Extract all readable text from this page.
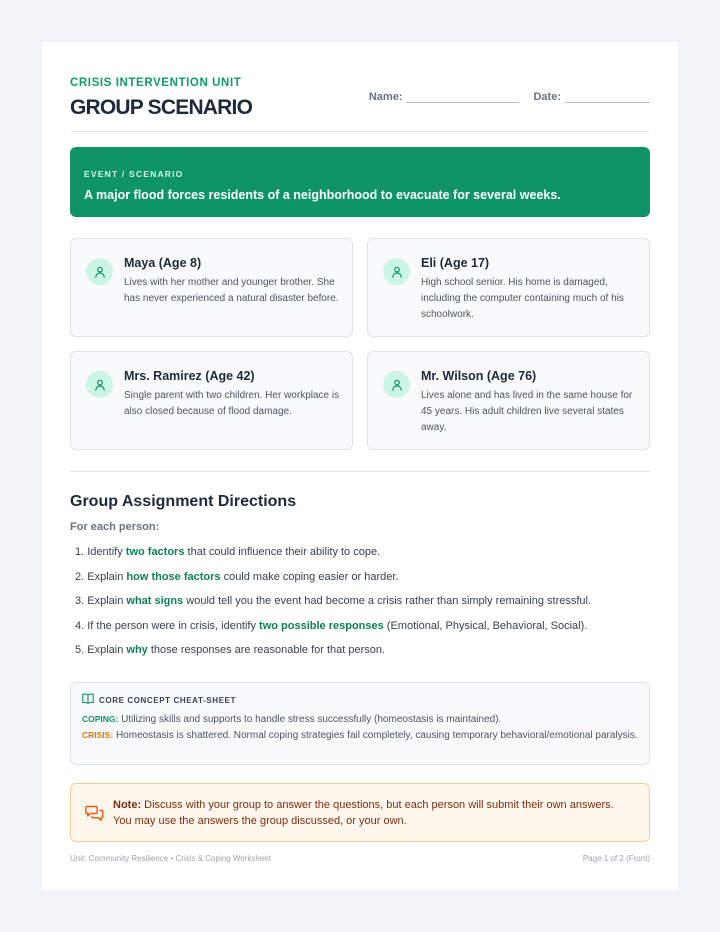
CRISIS INTERVENTION UNIT
GROUP SCENARIO	Name:	Date:
EVENT / SCENARIO
A major flood forces residents of a neighborhood to evacuate for several weeks.
Maya (Age 8)
Lives with her mother and younger brother. She has never experienced a natural disaster before.
Eli (Age 17)
High school senior. His home is damaged, including the computer containing much of his schoolwork.
Mrs. Ramirez (Age 42)
Single parent with two children. Her workplace is also closed because of flood damage.
Mr. Wilson (Age 76)
Lives alone and has lived in the same house for 45 years. His adult children live several states away.
Group Assignment Directions
For each person:
1. Identify two factors that could influence their ability to cope.
2. Explain how those factors could make coping easier or harder.
3. Explain what signs would tell you the event had become a crisis rather than simply remaining stressful.
4. If the person were in crisis, identify two possible responses (Emotional, Physical, Behavioral, Social).
5. Explain why those responses are reasonable for that person.
CORE CONCEPT CHEAT-SHEET

COPING: Utilizing skills and supports to handle stress successfully (homeostasis is maintained).

CRISIS: Homeostasis is shattered. Normal coping strategies fail completely, causing temporary behavioral/emotional paralysis.

Note: Discuss with your group to answer the questions, but each person will submit their own answers. You may use the answers the group discussed, or your own.
Unit: Community Resilience • Crisis & Coping Worksheet	Page 1 of 2 (Front)
